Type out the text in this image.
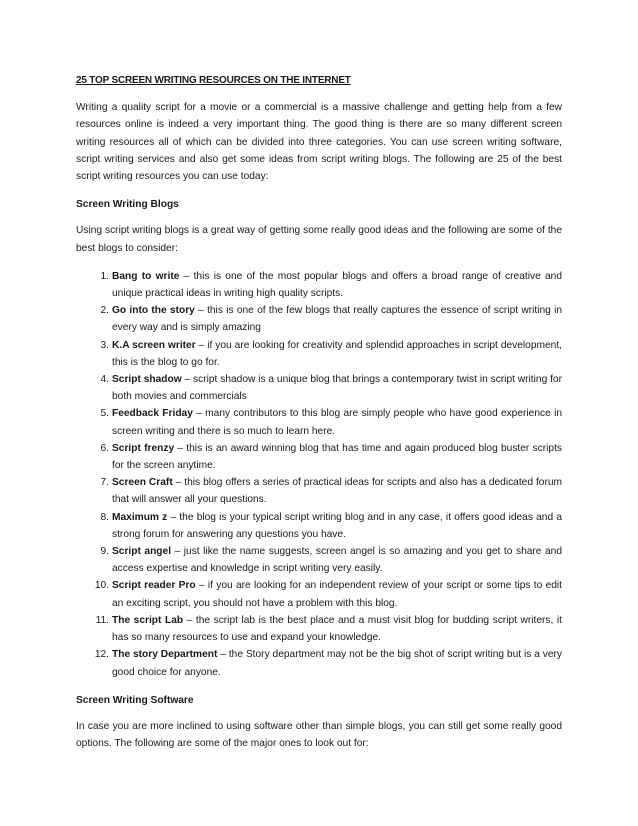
25 TOP SCREEN WRITING RESOURCES ON THE INTERNET

Writing a quality script for a movie or a commercial is a massive challenge and getting help from a few resources online is indeed a very important thing. The good thing is there are so many different screen writing resources all of which can be divided into three categories. You can use screen writing software, script writing services and also get some ideas from script writing blogs. The following are 25 of the best script writing resources you can use today:

Screen Writing Blogs

Using script writing blogs is a great way of getting some really good ideas and the following are some of the best blogs to consider:

1. Bang to write – this is one of the most popular blogs and offers a broad range of creative and unique practical ideas in writing high quality scripts.
2. Go into the story – this is one of the few blogs that really captures the essence of script writing in every way and is simply amazing
3. K.A screen writer – if you are looking for creativity and splendid approaches in script development, this is the blog to go for.
4. Script shadow – script shadow is a unique blog that brings a contemporary twist in script writing for both movies and commercials
5. Feedback Friday – many contributors to this blog are simply people who have good experience in screen writing and there is so much to learn here.
6. Script frenzy – this is an award winning blog that has time and again produced blog buster scripts for the screen anytime.
7. Screen Craft – this blog offers a series of practical ideas for scripts and also has a dedicated forum that will answer all your questions.
8. Maximum z – the blog is your typical script writing blog and in any case, it offers good ideas and a strong forum for answering any questions you have.
9. Script angel – just like the name suggests, screen angel is so amazing and you get to share and access expertise and knowledge in script writing very easily.
10. Script reader Pro – if you are looking for an independent review of your script or some tips to edit an exciting script, you should not have a problem with this blog.
11. The script Lab – the script lab is the best place and a must visit blog for budding script writers, it has so many resources to use and expand your knowledge.
12. The story Department – the Story department may not be the big shot of script writing but is a very good choice for anyone.
Screen Writing Software

In case you are more inclined to using software other than simple blogs, you can still get some really good options. The following are some of the major ones to look out for:
